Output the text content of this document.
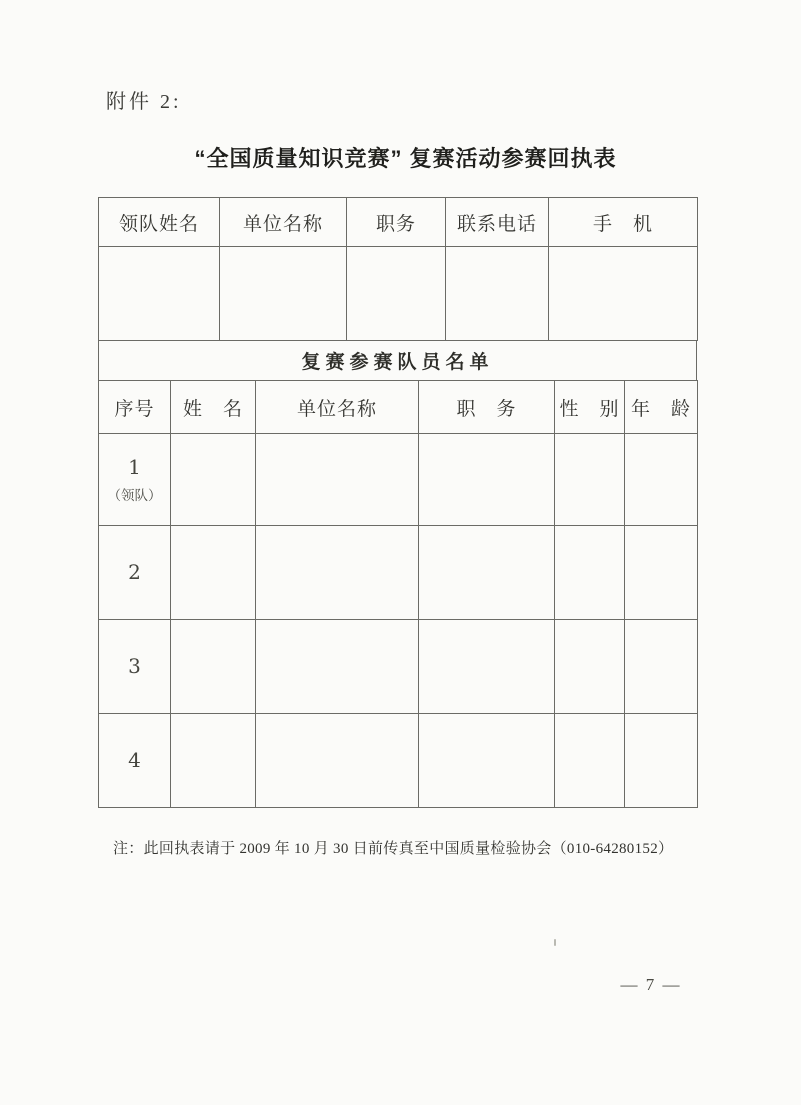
附件 2:
“全国质量知识竞赛” 复赛活动参赛回执表
领队姓名	单位名称	职务	联系电话	手　机

复赛参赛队员名单
序号	姓　名	单位名称	职　务	性　别	年　龄

1
（领队）					

2					

3					

4					

注：此回执表请于 2009 年 10 月 30 日前传真至中国质量检验协会（010-64280152）
— 7 —
